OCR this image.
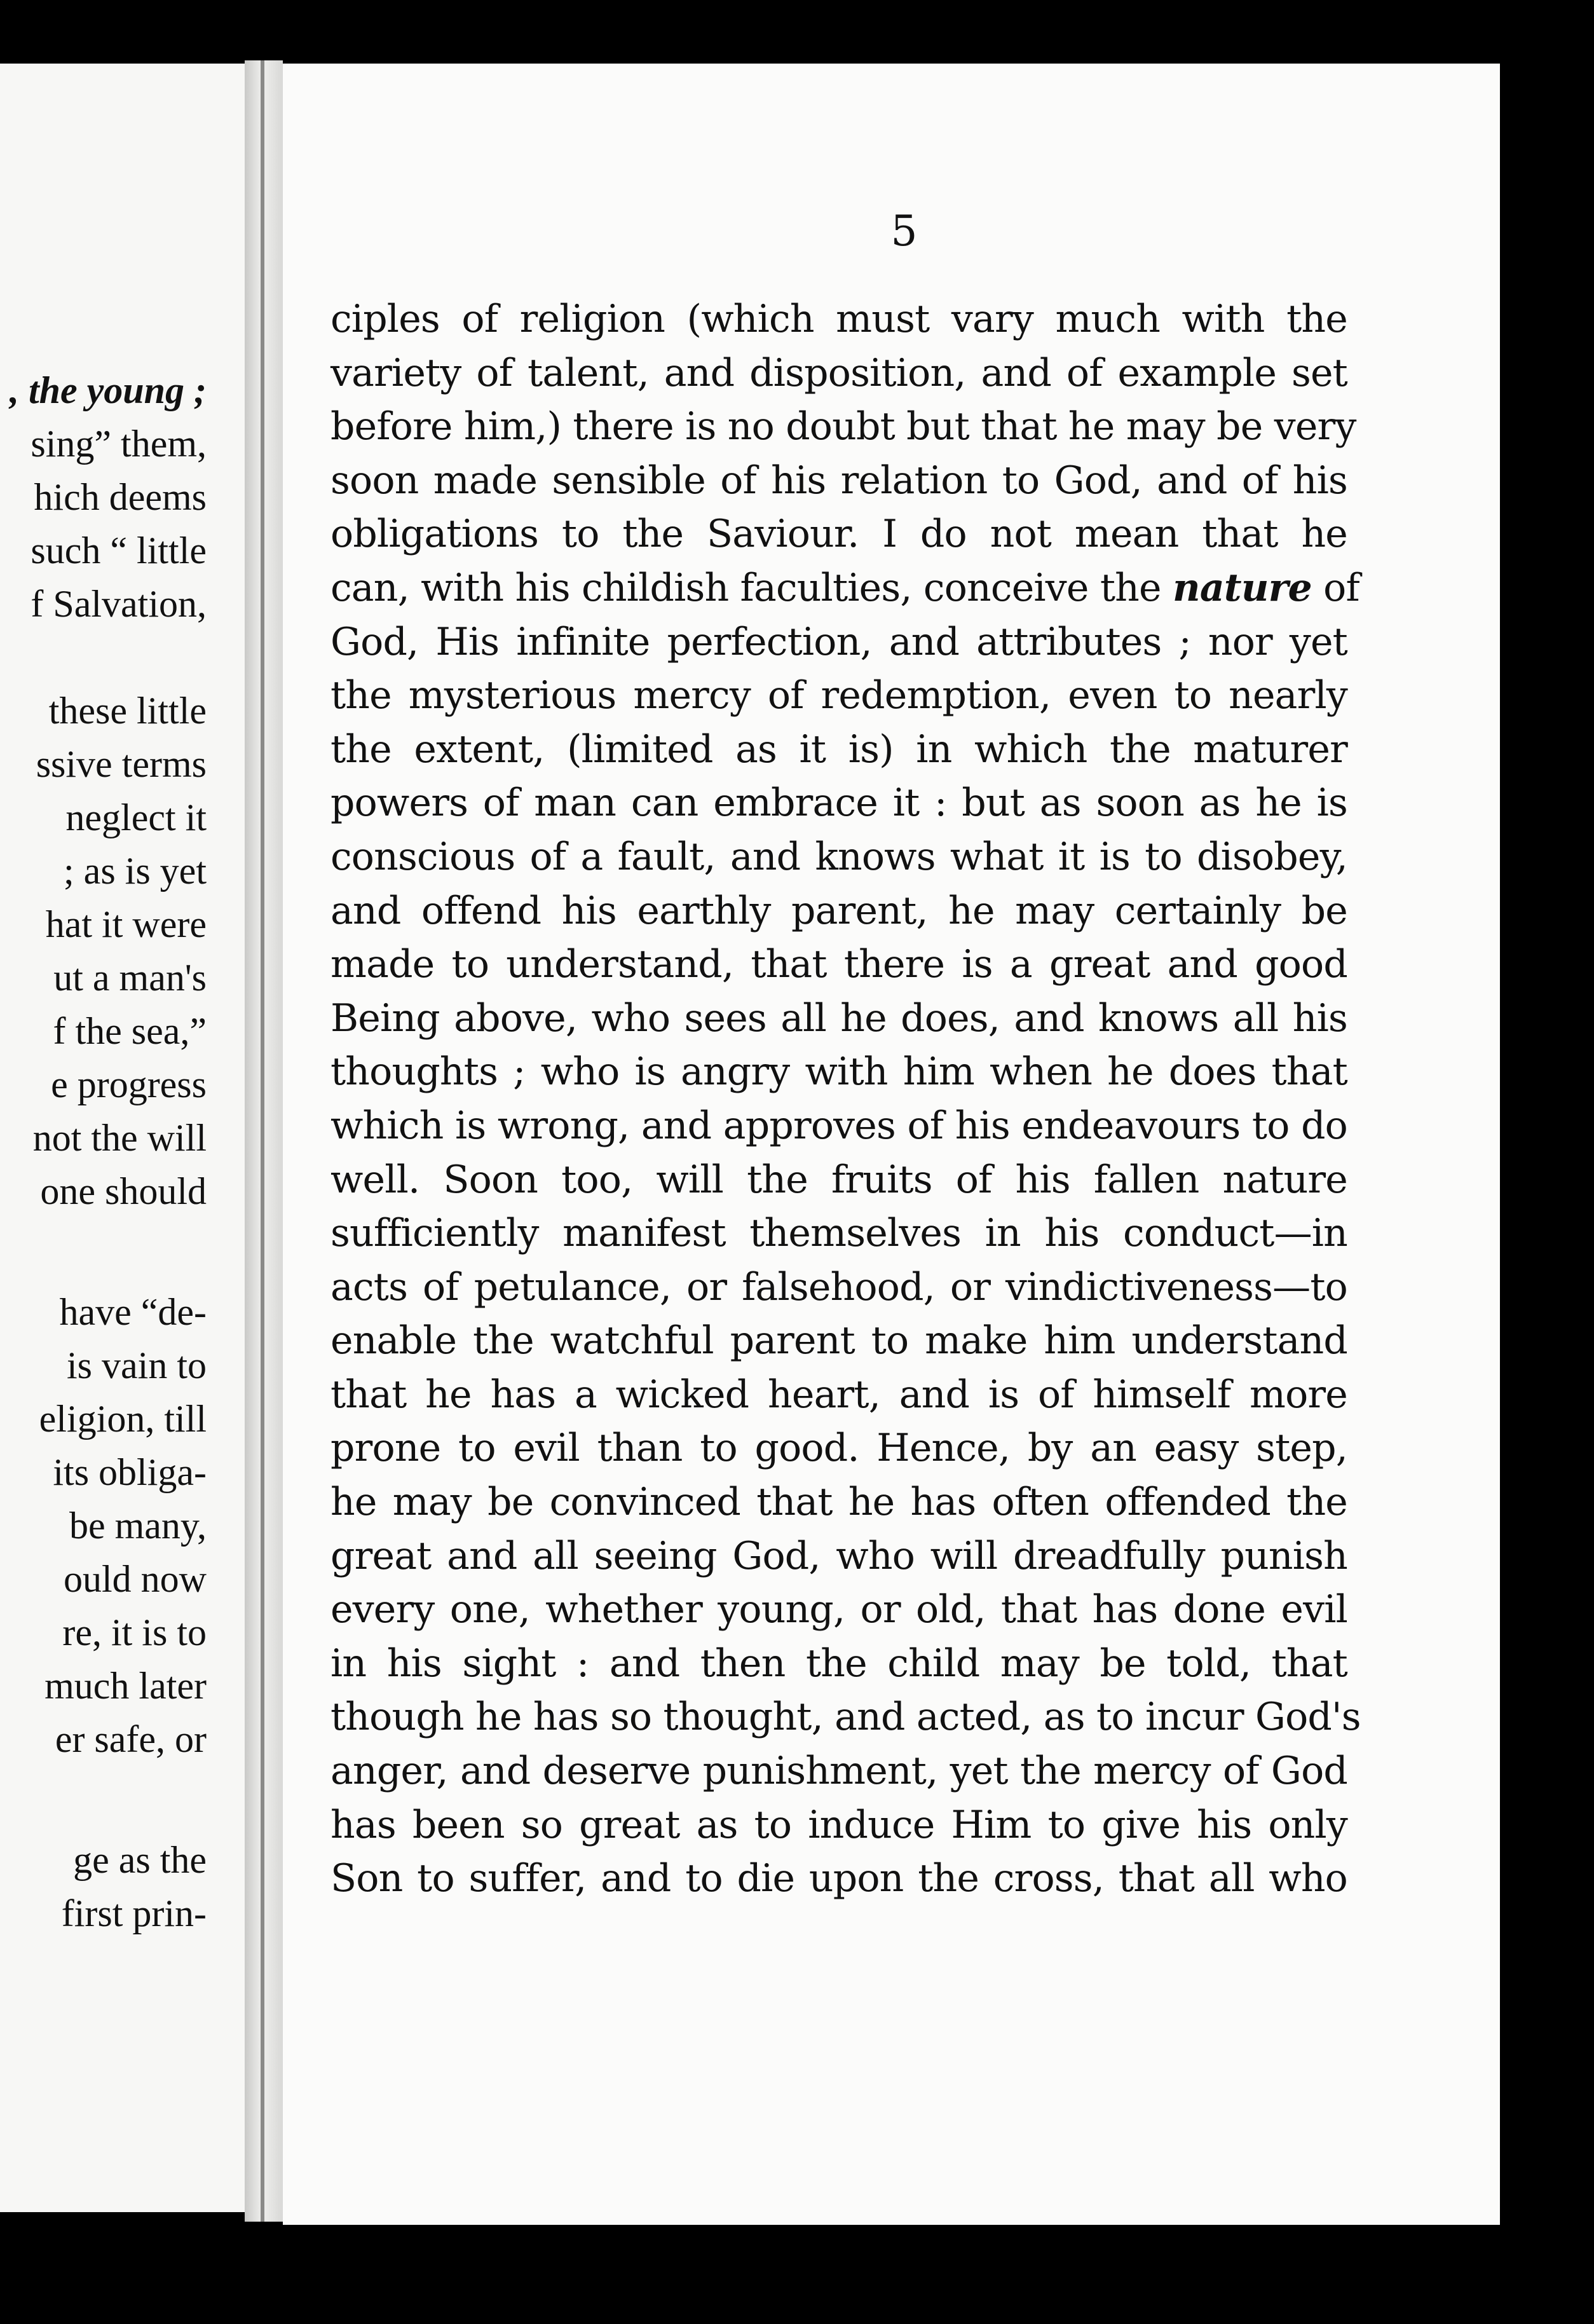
, the young ;
sing” them,
hich deems
such “ little
f Salvation,
these little
ssive terms
neglect it
; as is yet
hat it were
ut a man's
f the sea,”
e progress
not the will
one should
have “de-
is vain to
eligion, till
its obliga-
be many,
ould now
re, it is to
much later
er safe, or
ge as the
first prin-
5
ciples of religion (which must vary much with the
variety of talent, and disposition, and of example set
before him,) there is no doubt but that he may be very
soon made sensible of his relation to God, and of his
obligations to the Saviour. I do not mean that he
can, with his childish faculties, conceive the nature of
God, His infinite perfection, and attributes ; nor yet
the mysterious mercy of redemption, even to nearly
the extent, (limited as it is) in which the maturer
powers of man can embrace it : but as soon as he is
conscious of a fault, and knows what it is to disobey,
and offend his earthly parent, he may certainly be
made to understand, that there is a great and good
Being above, who sees all he does, and knows all his
thoughts ; who is angry with him when he does that
which is wrong, and approves of his endeavours to do
well. Soon too, will the fruits of his fallen nature
sufficiently manifest themselves in his conduct—in
acts of petulance, or falsehood, or vindictiveness—to
enable the watchful parent to make him understand
that he has a wicked heart, and is of himself more
prone to evil than to good. Hence, by an easy step,
he may be convinced that he has often offended the
great and all seeing God, who will dreadfully punish
every one, whether young, or old, that has done evil
in his sight : and then the child may be told, that
though he has so thought, and acted, as to incur God's
anger, and deserve punishment, yet the mercy of God
has been so great as to induce Him to give his only
Son to suffer, and to die upon the cross, that all who
